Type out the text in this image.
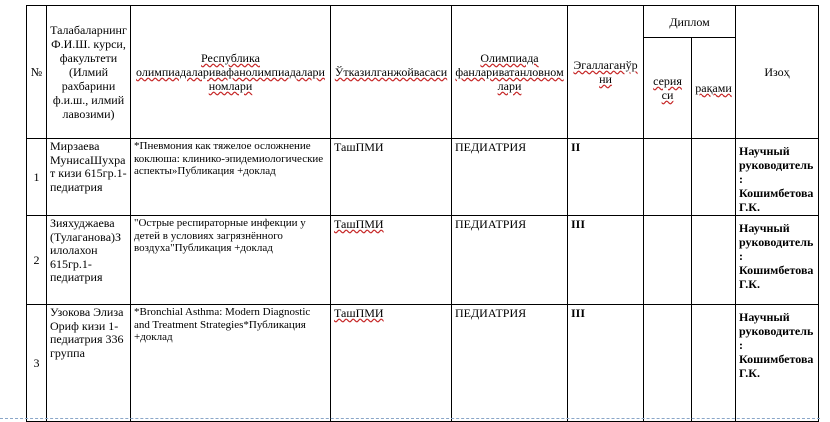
№	Талабаларнинг Ф.И.Ш. курси, факультети (Илмий рахбарини ф.и.ш., илмий лавозими)	Республика олимпиадаларивафанолимпиадалариномлари	Ўтказилганжойвасаси	Олимпиада фанлариватанловномлари	Эгаллаганўрни	Диплом		Изоҳ
						серия си	рақами	
1	Мирзаева МунисаШухрат кизи 615гр.1-педиатрия	*Пневмония как тяжелое осложнение коклюша: клинико-эпидемиологические аспекты»Публикация +доклад	ТашПМИ	ПЕДИАТРИЯ	II			Научный руководитель: Кошимбетова Г.К.
2	Зияхуджаева (Тулаганова)Зилолахон 615гр.1-педиатрия	"Острые респираторные инфекции у детей в условиях загрязнённого воздуха"Публикация +доклад	ТашПМИ	ПЕДИАТРИЯ	III			Научный руководитель: Кошимбетова Г.К.
3	Узокова Элиза Ориф кизи 1-педиатрия 336 группа	*Bronchial Asthma: Modern Diagnostic and Treatment Strategies*Публикация +доклад	ТашПМИ	ПЕДИАТРИЯ	III			Научный руководитель: Кошимбетова Г.К.
